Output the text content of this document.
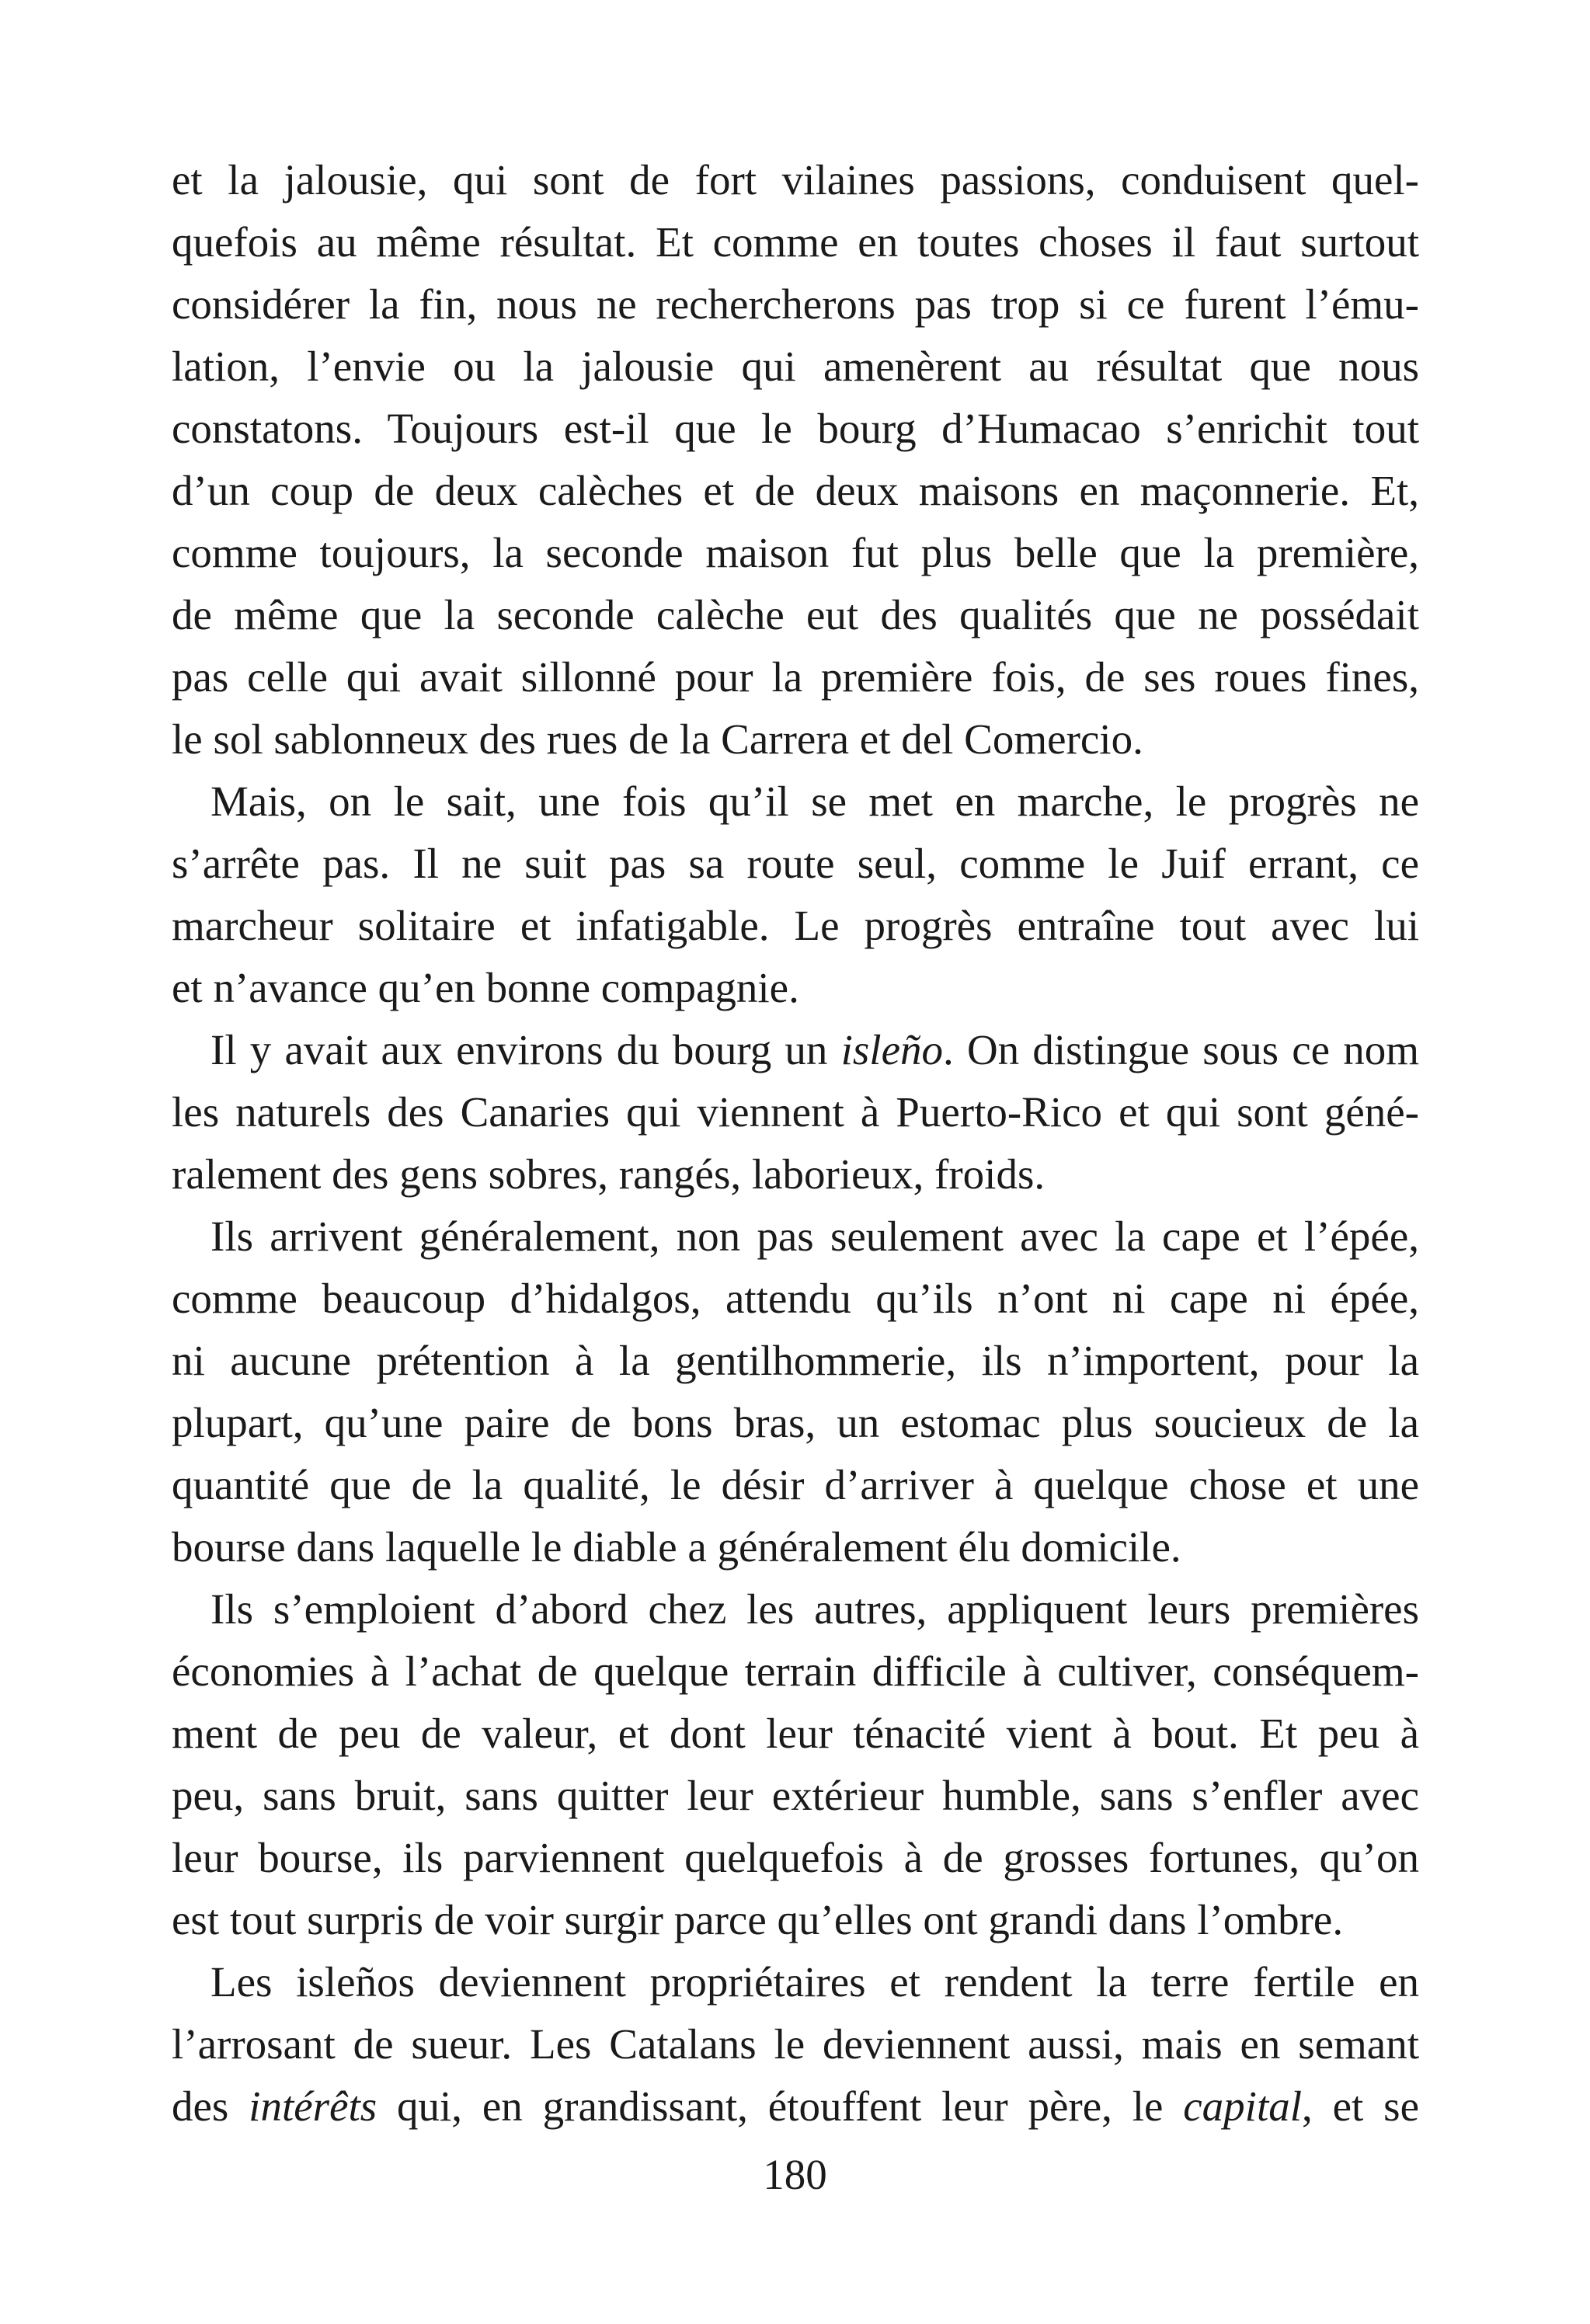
et la jalousie, qui sont de fort vilaines passions, conduisent quel-
quefois au même résultat. Et comme en toutes choses il faut surtout
considérer la fin, nous ne rechercherons pas trop si ce furent l’ému-
lation, l’envie ou la jalousie qui amenèrent au résultat que nous
constatons. Toujours est-il que le bourg d’Humacao s’enrichit tout
d’un coup de deux calèches et de deux maisons en maçonnerie. Et,
comme toujours, la seconde maison fut plus belle que la première,
de même que la seconde calèche eut des qualités que ne possédait
pas celle qui avait sillonné pour la première fois, de ses roues fines,
le sol sablonneux des rues de la Carrera et del Comercio.
Mais, on le sait, une fois qu’il se met en marche, le progrès ne
s’arrête pas. Il ne suit pas sa route seul, comme le Juif errant, ce
marcheur solitaire et infatigable. Le progrès entraîne tout avec lui
et n’avance qu’en bonne compagnie.
Il y avait aux environs du bourg un isleño. On distingue sous ce nom
les naturels des Canaries qui viennent à Puerto-Rico et qui sont géné-
ralement des gens sobres, rangés, laborieux, froids.
Ils arrivent généralement, non pas seulement avec la cape et l’épée,
comme beaucoup d’hidalgos, attendu qu’ils n’ont ni cape ni épée,
ni aucune prétention à la gentilhommerie, ils n’importent, pour la
plupart, qu’une paire de bons bras, un estomac plus soucieux de la
quantité que de la qualité, le désir d’arriver à quelque chose et une
bourse dans laquelle le diable a généralement élu domicile.
Ils s’emploient d’abord chez les autres, appliquent leurs premières
économies à l’achat de quelque terrain difficile à cultiver, conséquem-
ment de peu de valeur, et dont leur ténacité vient à bout. Et peu à
peu, sans bruit, sans quitter leur extérieur humble, sans s’enfler avec
leur bourse, ils parviennent quelquefois à de grosses fortunes, qu’on
est tout surpris de voir surgir parce qu’elles ont grandi dans l’ombre.
Les isleños deviennent propriétaires et rendent la terre fertile en
l’arrosant de sueur. Les Catalans le deviennent aussi, mais en semant
des intérêts qui, en grandissant, étouffent leur père, le capital, et se
180
